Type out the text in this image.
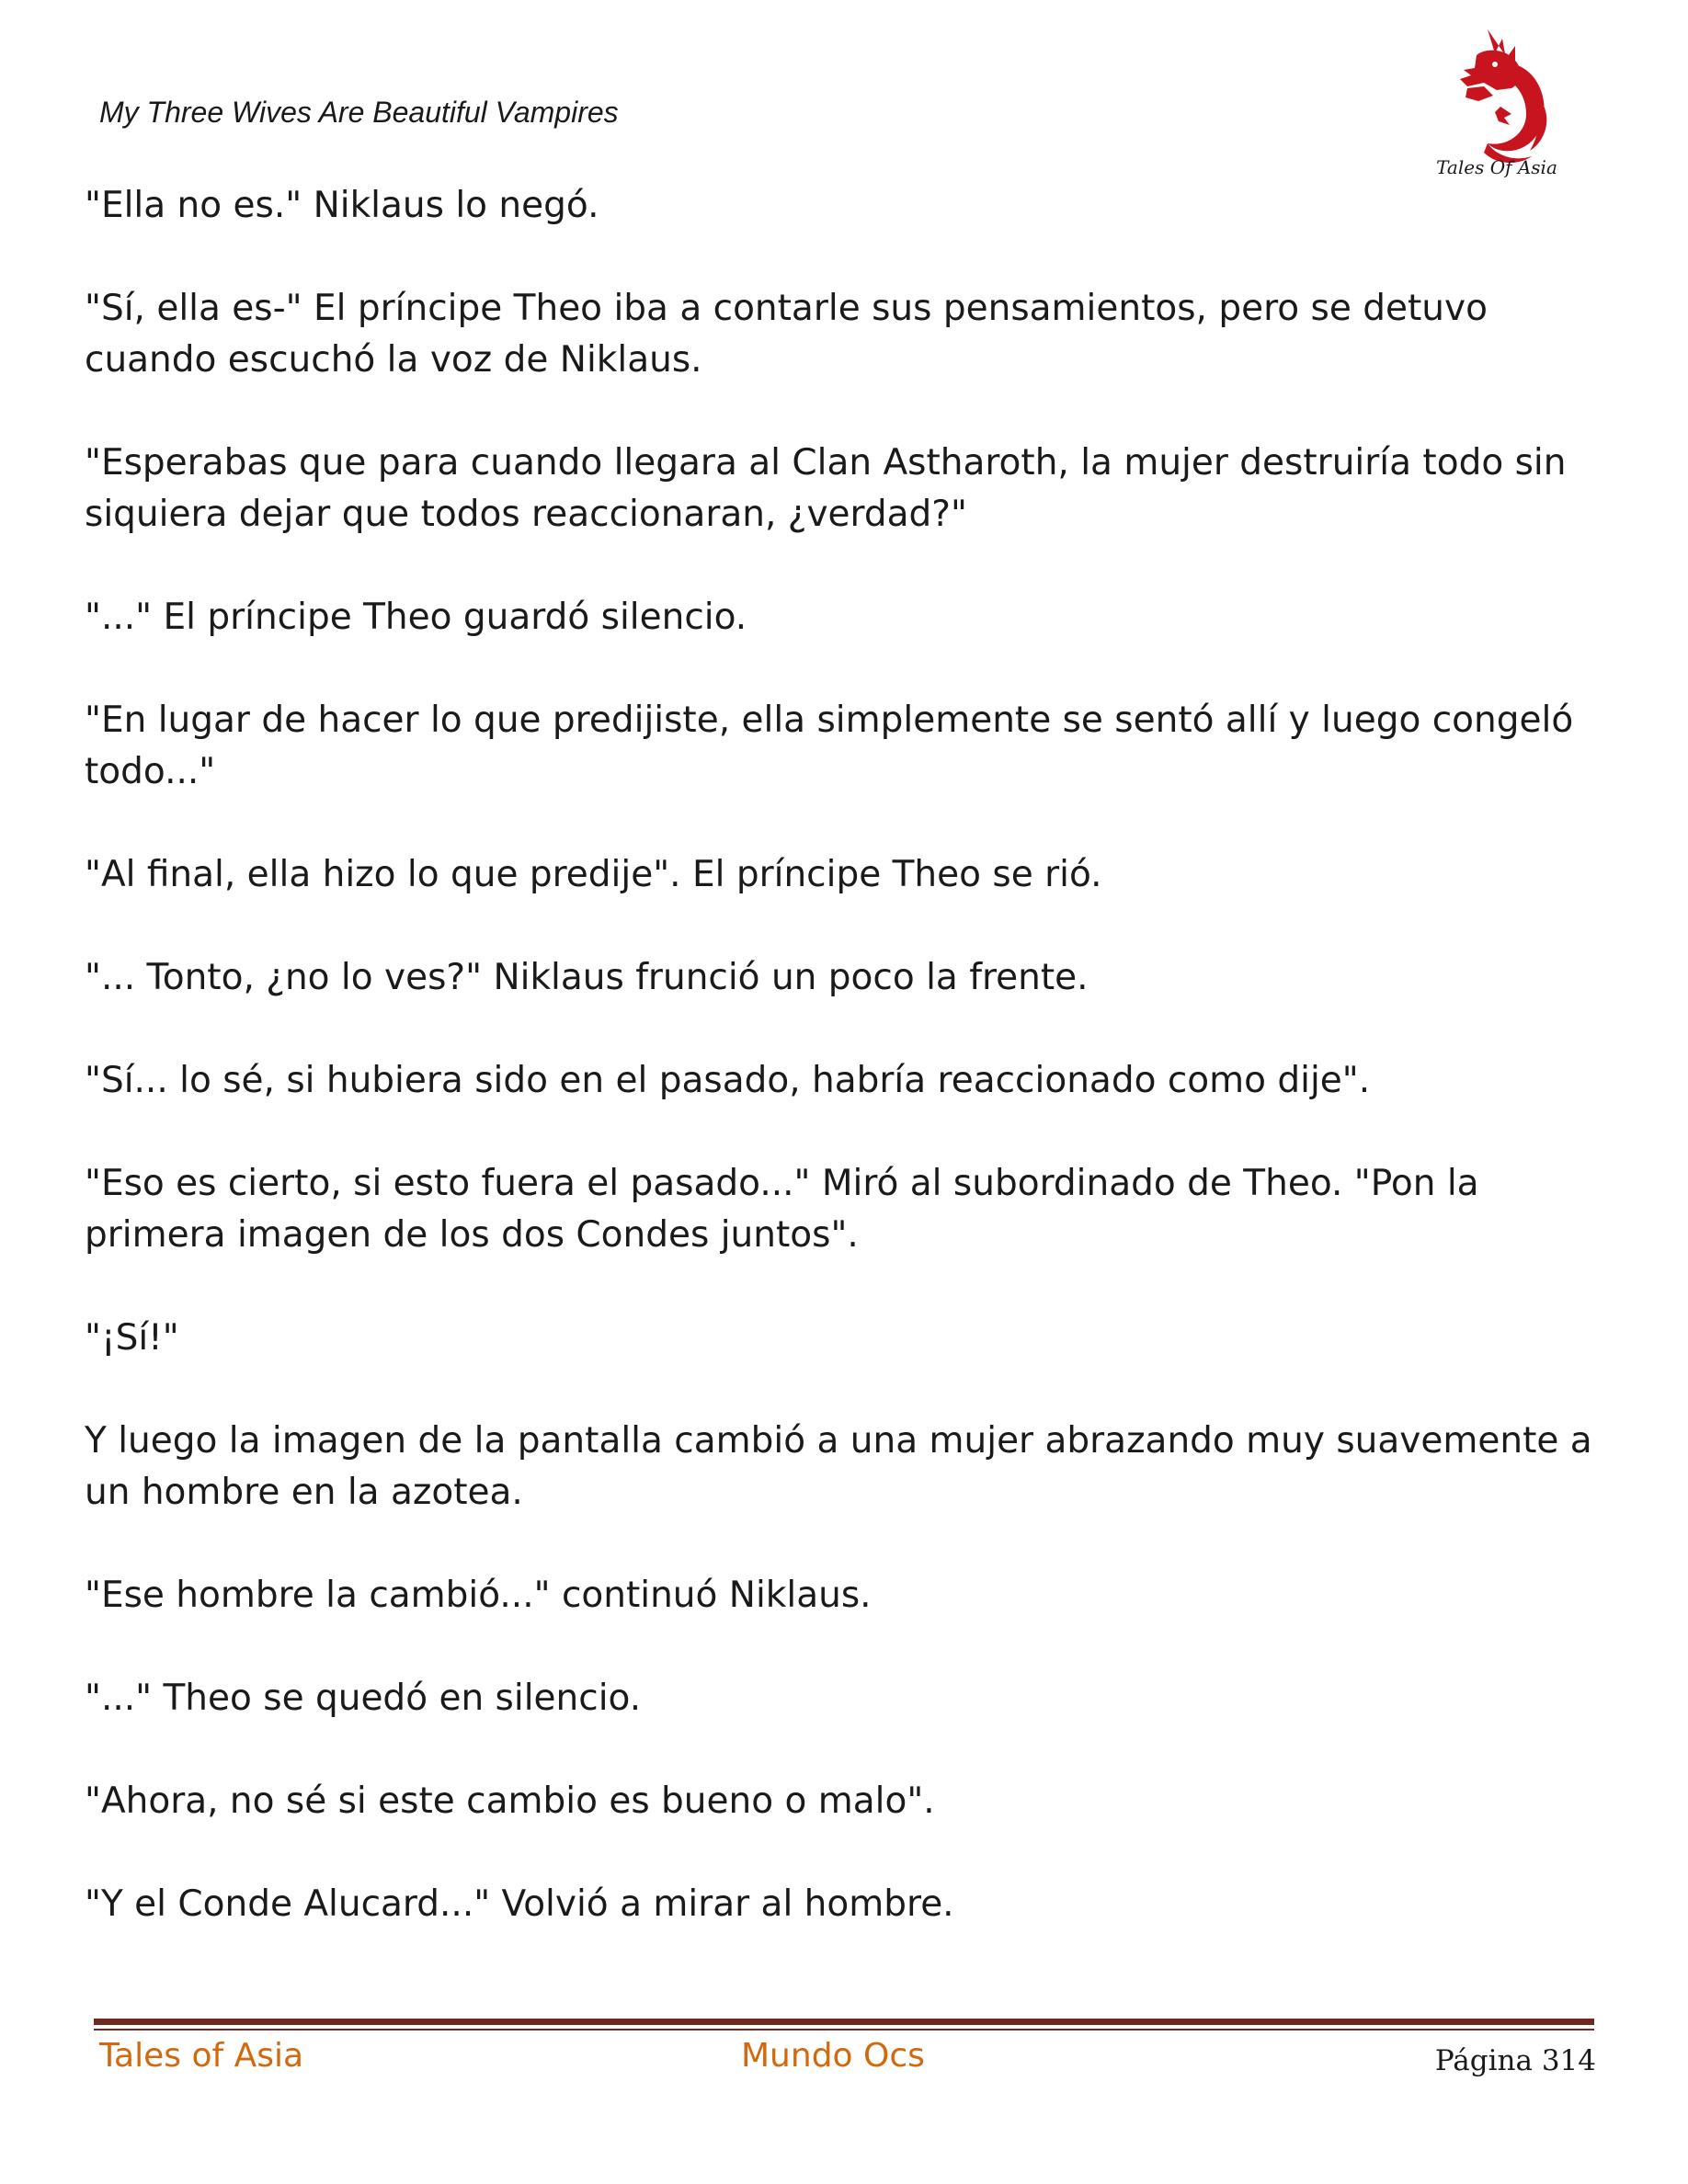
My Three Wives Are Beautiful Vampires
Tales Of Asia

"Ella no es." Niklaus lo negó.

"Sí, ella es-" El príncipe Theo iba a contarle sus pensamientos, pero se detuvo cuando escuchó la voz de Niklaus.

"Esperabas que para cuando llegara al Clan Astharoth, la mujer destruiría todo sin siquiera dejar que todos reaccionaran, ¿verdad?"

"..." El príncipe Theo guardó silencio.

"En lugar de hacer lo que predijiste, ella simplemente se sentó allí y luego congeló todo..."

"Al final, ella hizo lo que predije". El príncipe Theo se rió.

"... Tonto, ¿no lo ves?" Niklaus frunció un poco la frente.

"Sí... lo sé, si hubiera sido en el pasado, habría reaccionado como dije".

"Eso es cierto, si esto fuera el pasado..." Miró al subordinado de Theo. "Pon la primera imagen de los dos Condes juntos".

"¡Sí!"

Y luego la imagen de la pantalla cambió a una mujer abrazando muy suavemente a un hombre en la azotea.

"Ese hombre la cambió..." continuó Niklaus.

"..." Theo se quedó en silencio.

"Ahora, no sé si este cambio es bueno o malo".

"Y el Conde Alucard..." Volvió a mirar al hombre.

Tales of Asia	Mundo Ocs	Página 314
